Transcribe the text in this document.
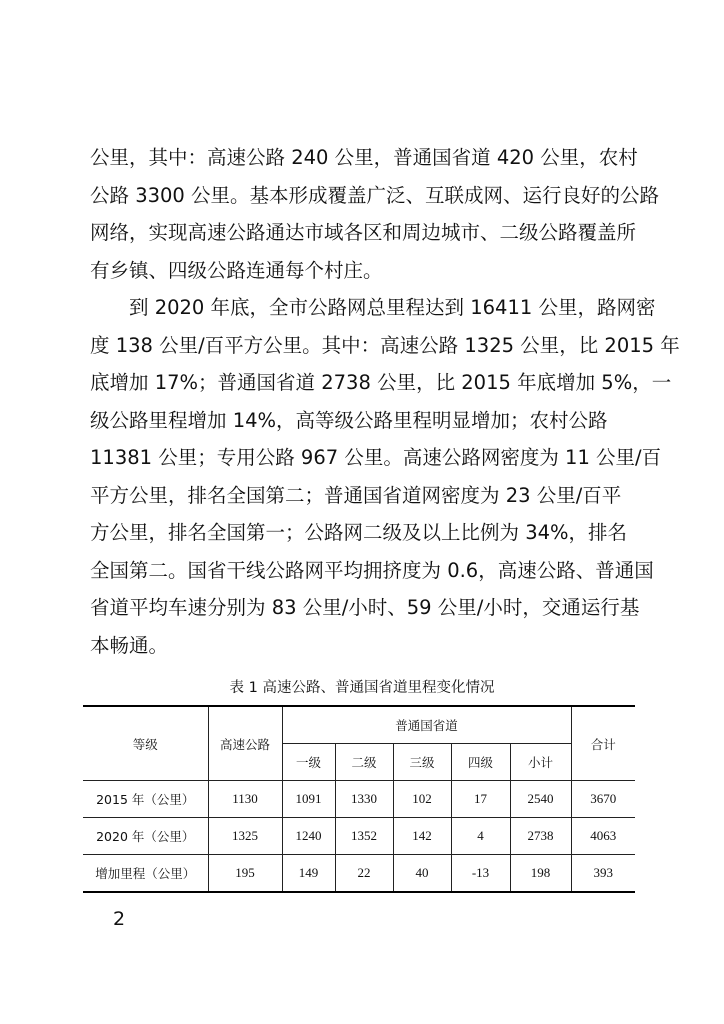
公里，其中：高速公路 240 公里，普通国省道 420 公里，农村
公路 3300 公里。基本形成覆盖广泛、互联成网、运行良好的公路
网络，实现高速公路通达市域各区和周边城市、二级公路覆盖所
有乡镇、四级公路连通每个村庄。
　　到 2020 年底，全市公路网总里程达到 16411 公里，路网密
度 138 公里/百平方公里。其中：高速公路 1325 公里，比 2015 年
底增加 17%；普通国省道 2738 公里，比 2015 年底增加 5%，一
级公路里程增加 14%，高等级公路里程明显增加；农村公路
11381 公里；专用公路 967 公里。高速公路网密度为 11 公里/百
平方公里，排名全国第二；普通国省道网密度为 23 公里/百平
方公里，排名全国第一；公路网二级及以上比例为 34%，排名
全国第二。国省干线公路网平均拥挤度为 0.6，高速公路、普通国
省道平均车速分别为 83 公里/小时、59 公里/小时，交通运行基
本畅通。
表 1 高速公路、普通国省道里程变化情况
等级	高速公路	普通国省道					合计
		一级	二级	三级	四级	小计	
2015 年（公里）	1130	1091	1330	102	17	2540	3670
2020 年（公里）	1325	1240	1352	142	4	2738	4063
增加里程（公里）	195	149	22	40	-13	198	393
2
